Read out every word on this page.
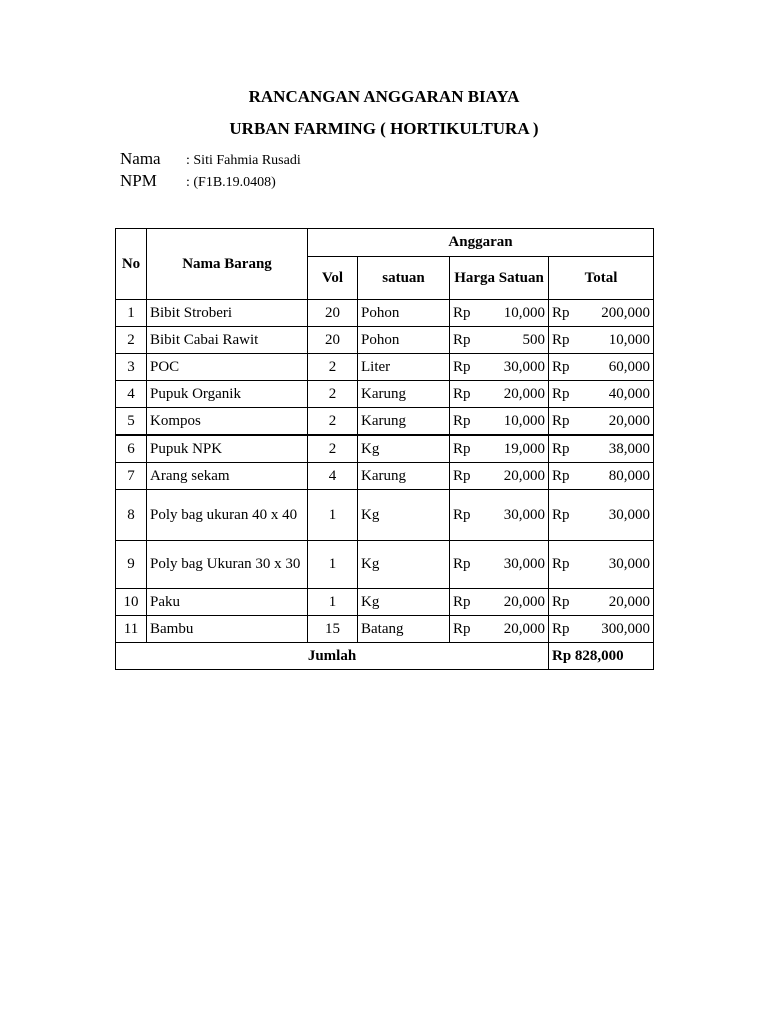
RANCANGAN ANGGARAN BIAYA
URBAN FARMING ( HORTIKULTURA )
Nama	: Siti Fahmia Rusadi
NPM	: (F1B.19.0408)
No	Nama Barang	Anggaran			
		Vol	satuan	Harga Satuan	Total
1	Bibit Stroberi	20	Pohon	Rp 10,000	Rp 200,000

2	Bibit Cabai Rawit	20	Pohon	Rp 500	Rp 10,000

3	POC	2	Liter	Rp 30,000	Rp 60,000

4	Pupuk Organik	2	Karung	Rp 20,000	Rp 40,000

5	Kompos	2	Karung	Rp 10,000	Rp 20,000

6	Pupuk NPK	2	Kg	Rp 19,000	Rp 38,000

7	Arang sekam	4	Karung	Rp 20,000	Rp 80,000

8	Poly bag ukuran 40 x 40	1	Kg	Rp 30,000	Rp 30,000

9	Poly bag Ukuran 30 x 30	1	Kg	Rp 30,000	Rp 30,000

10	Paku	1	Kg	Rp 20,000	Rp 20,000

11	Bambu	15	Batang	Rp 20,000	Rp 300,000

Jumlah					Rp 828,000
